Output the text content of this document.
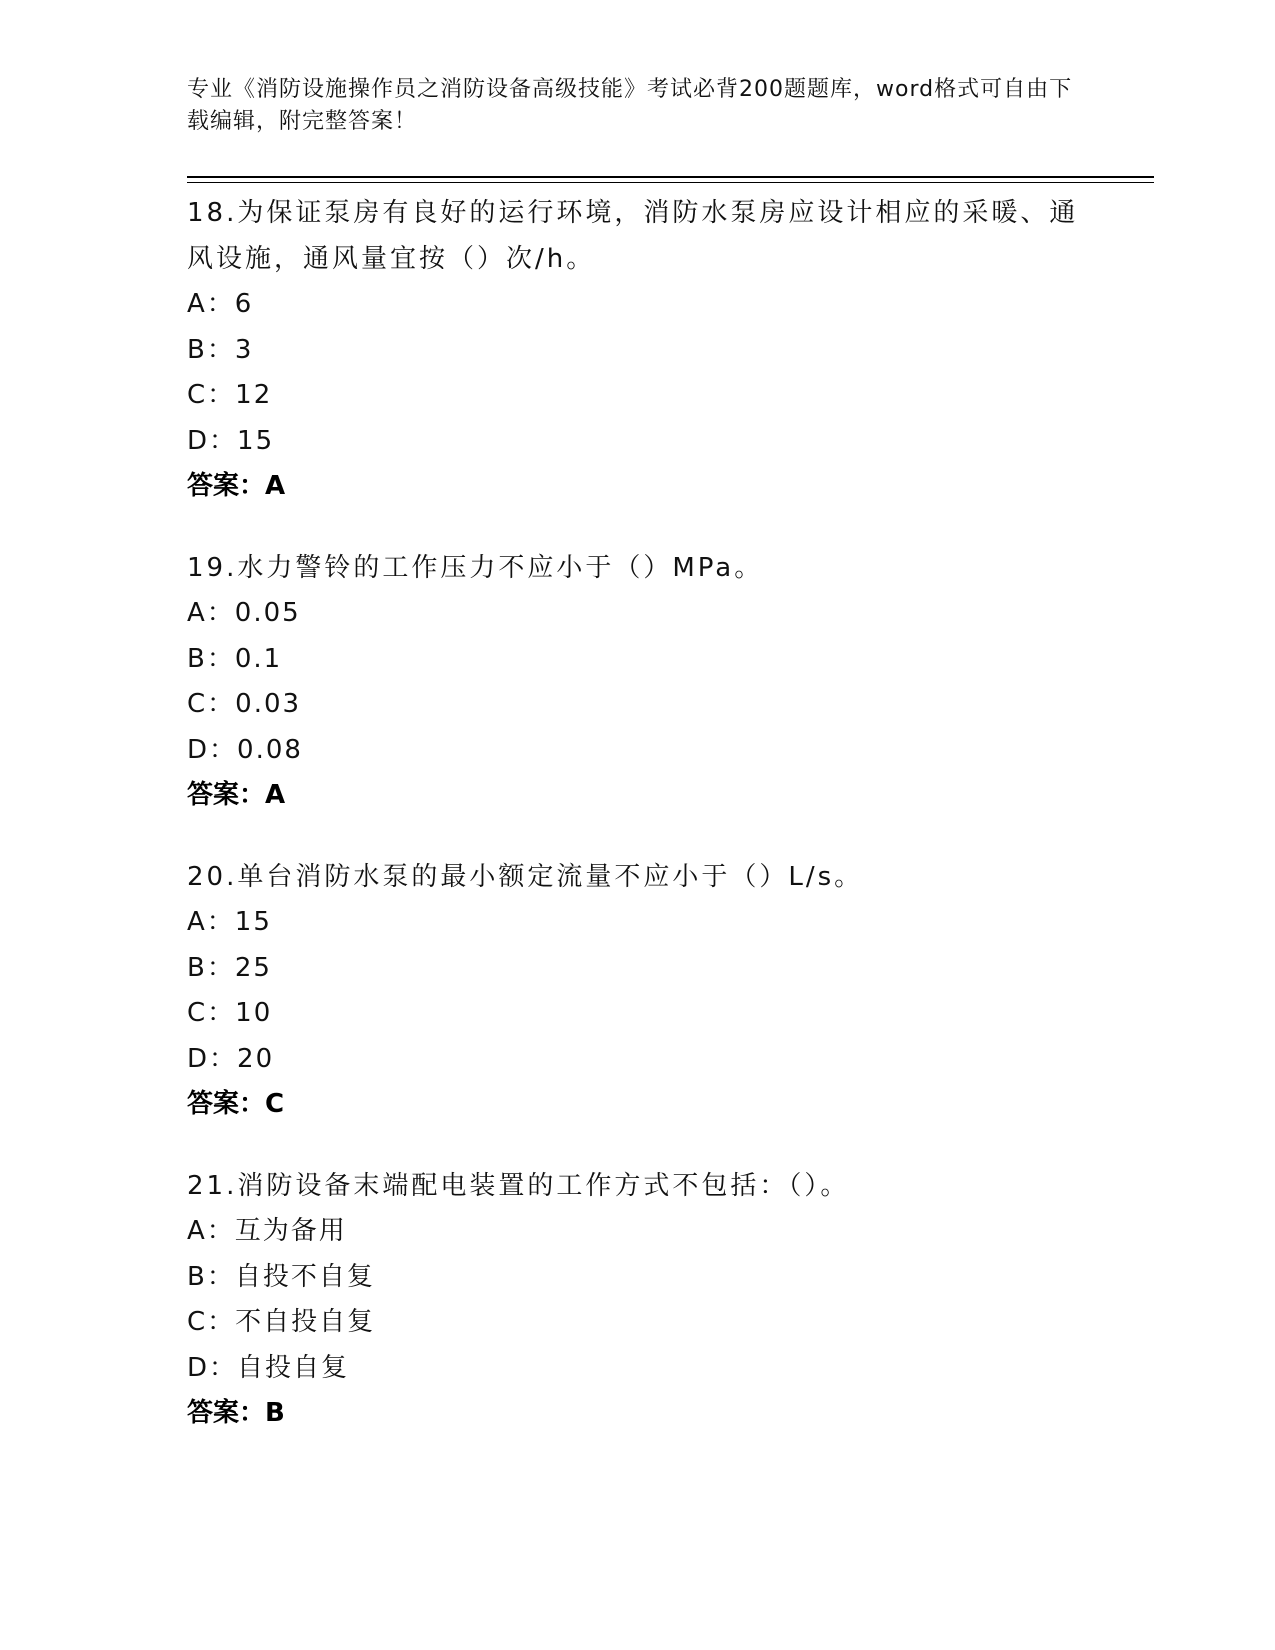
专业《消防设施操作员之消防设备高级技能》考试必背200题题库，word格式可自由下载编辑，附完整答案！
18.为保证泵房有良好的运行环境，消防水泵房应设计相应的采暖、通风设施，通风量宜按（）次/h。
A：6
B：3
C：12
D：15
答案：A
19.水力警铃的工作压力不应小于（）MPa。
A：0.05
B：0.1
C：0.03
D：0.08
答案：A
20.单台消防水泵的最小额定流量不应小于（）L/s。
A：15
B：25
C：10
D：20
答案：C
21.消防设备末端配电装置的工作方式不包括：（）。
A：互为备用
B：自投不自复
C：不自投自复
D：自投自复
答案：B
